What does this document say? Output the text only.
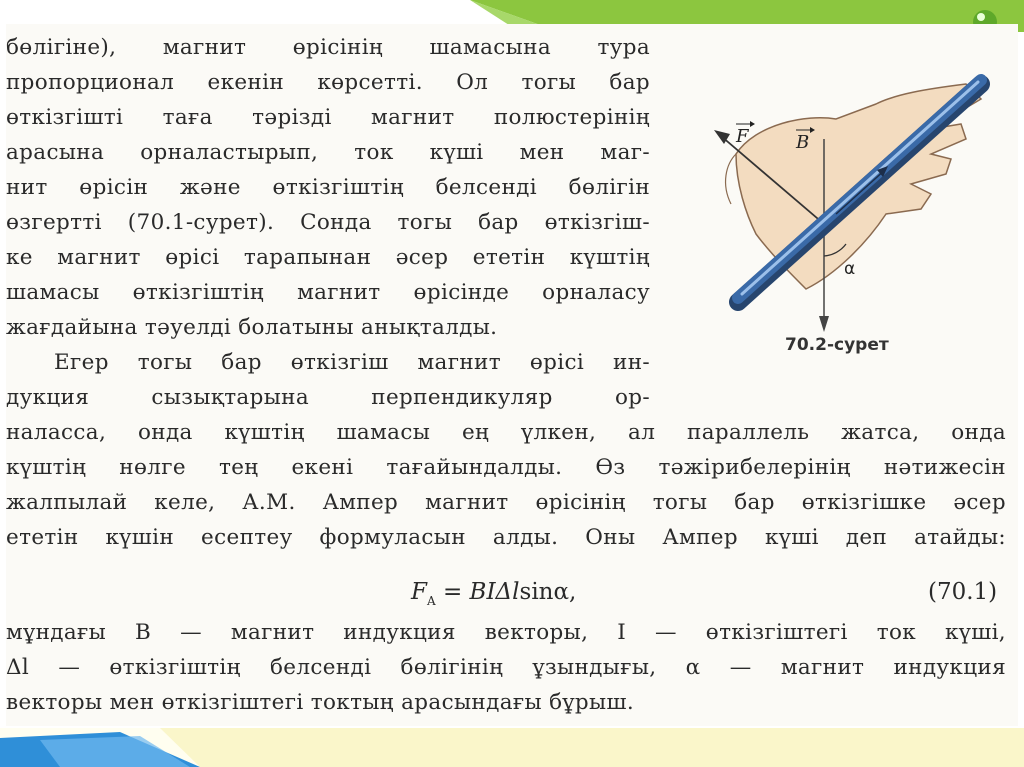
бөлігіне), магнит өрісінің шамасына тура
пропорционал екенін көрсетті. Ол тогы бар
өткізгішті таға тәрізді магнит полюстерінің
арасына орналастырып, ток күші мен маг-
нит өрісін және өткізгіштің белсенді бөлігін
өзгертті (70.1-сурет). Сонда тогы бар өткізгіш-
ке магнит өрісі тарапынан әсер ететін күштің
шамасы өткізгіштің магнит өрісінде орналасу
жағдайына тәуелді болатыны анықталды.
Егер тогы бар өткізгіш магнит өрісі ин-
дукция сызықтарына перпендикуляр ор-
наласса, онда күштің шамасы ең үлкен, ал параллель жатса, онда
күштің нөлге тең екені тағайындалды. Өз тәжірибелерінің нәтижесін
жалпылай келе, А.М. Ампер магнит өрісінің тогы бар өткізгішке әсер
ететін күшін есептеу формуласын алды. Оны Ампер күші деп атайды:
$F_A = BI\Delta lsin\alpha$,	(70.1)
мұндағы B — магнит индукция векторы, I — өткізгіштегі ток күші,
Δl — өткізгіштің белсенді бөлігінің ұзындығы, α — магнит индукция
векторы мен өткізгіштегі токтың арасындағы бұрыш.
F	B
α
70.2-сурет
